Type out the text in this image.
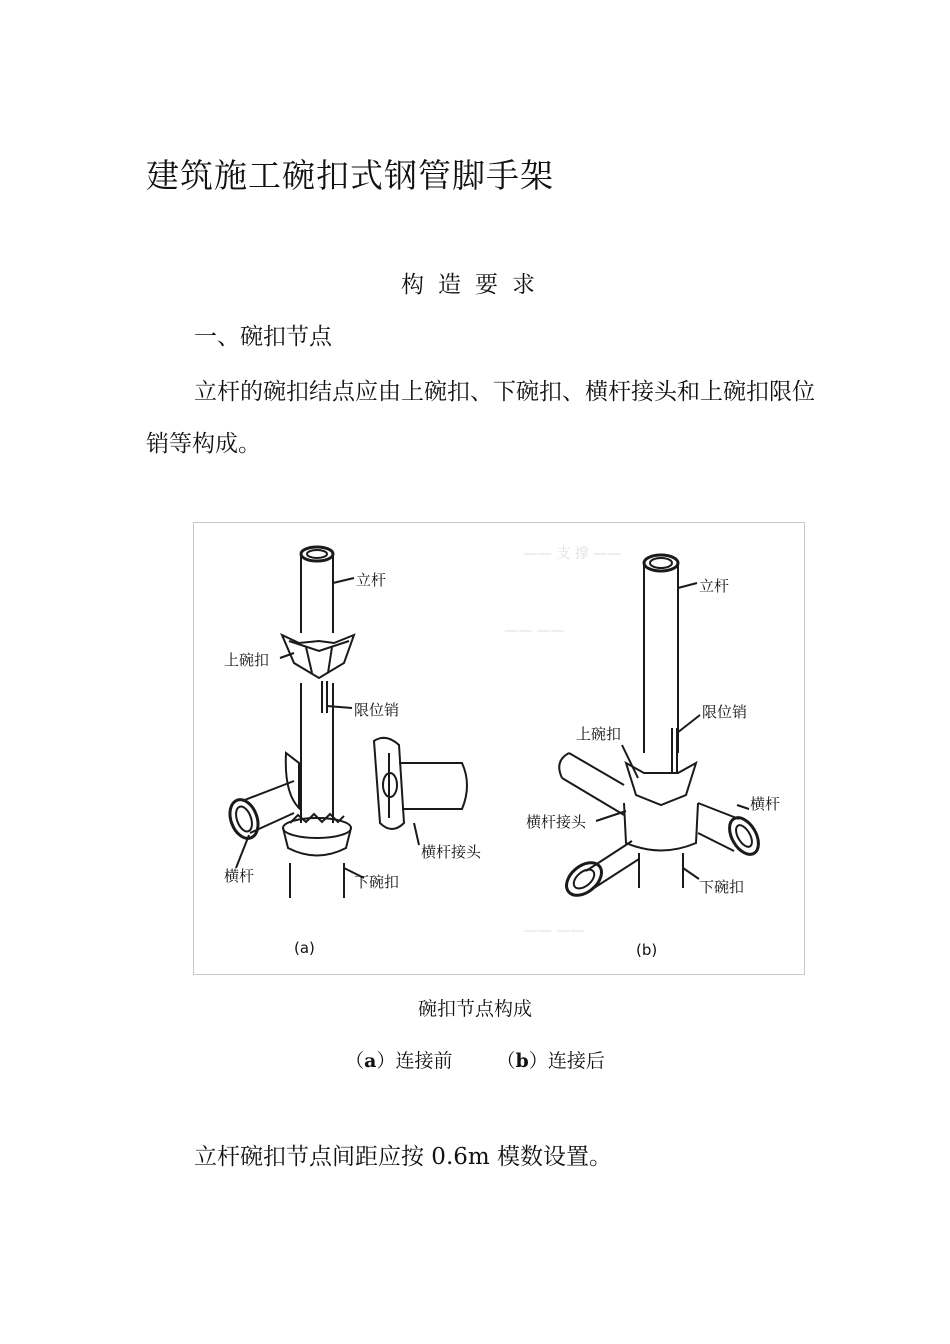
建筑施工碗扣式钢管脚手架
构造要求
一、碗扣节点

立杆的碗扣结点应由上碗扣、下碗扣、横杆接头和上碗扣限位销等构成。

—— 支 撑 ——
—— ——
—— ——
立杆
上碗扣
限位销
横杆接头
横杆	下碗扣
(a)
立杆
限位销
上碗扣
横杆
横杆接头
下碗扣
(b)

碗扣节点构成

（a）连接前 （b）连接后

立杆碗扣节点间距应按 0.6m 模数设置。
